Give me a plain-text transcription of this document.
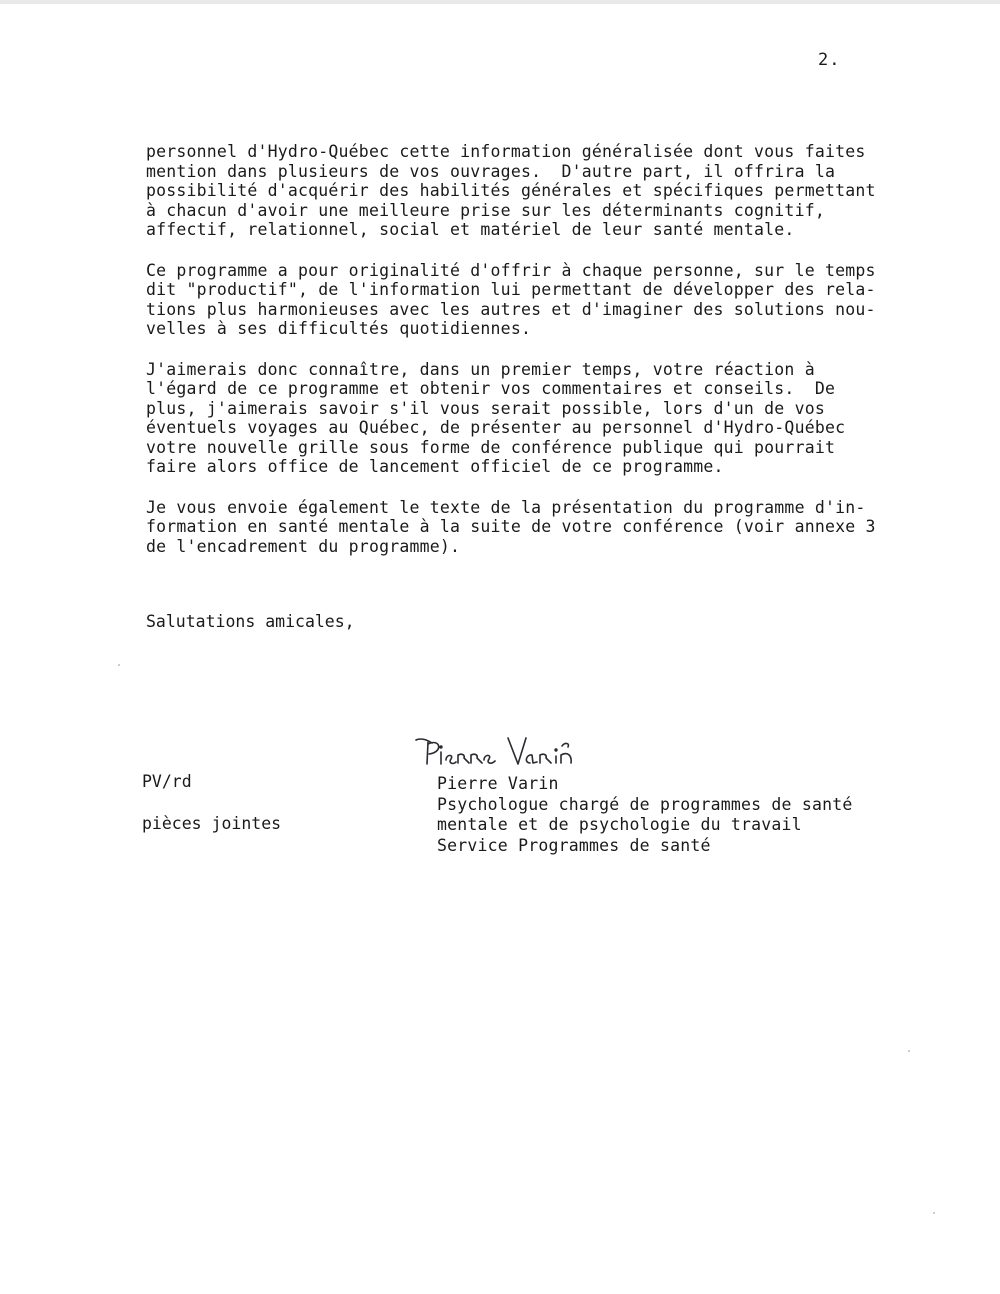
2.

personnel d'Hydro-Québec cette information généralisée dont vous faites
mention dans plusieurs de vos ouvrages.  D'autre part, il offrira la
possibilité d'acquérir des habilités générales et spécifiques permettant
à chacun d'avoir une meilleure prise sur les déterminants cognitif,
affectif, relationnel, social et matériel de leur santé mentale.

Ce programme a pour originalité d'offrir à chaque personne, sur le temps
dit "productif", de l'information lui permettant de développer des rela-
tions plus harmonieuses avec les autres et d'imaginer des solutions nou-
velles à ses difficultés quotidiennes.

J'aimerais donc connaître, dans un premier temps, votre réaction à
l'égard de ce programme et obtenir vos commentaires et conseils.  De
plus, j'aimerais savoir s'il vous serait possible, lors d'un de vos
éventuels voyages au Québec, de présenter au personnel d'Hydro-Québec
votre nouvelle grille sous forme de conférence publique qui pourrait
faire alors office de lancement officiel de ce programme.

Je vous envoie également le texte de la présentation du programme d'in-
formation en santé mentale à la suite de votre conférence (voir annexe 3
de l'encadrement du programme).

Salutations amicales,
PV/rd
pièces jointes
Pierre Varin
Psychologue chargé de programmes de santé
mentale et de psychologie du travail
Service Programmes de santé
